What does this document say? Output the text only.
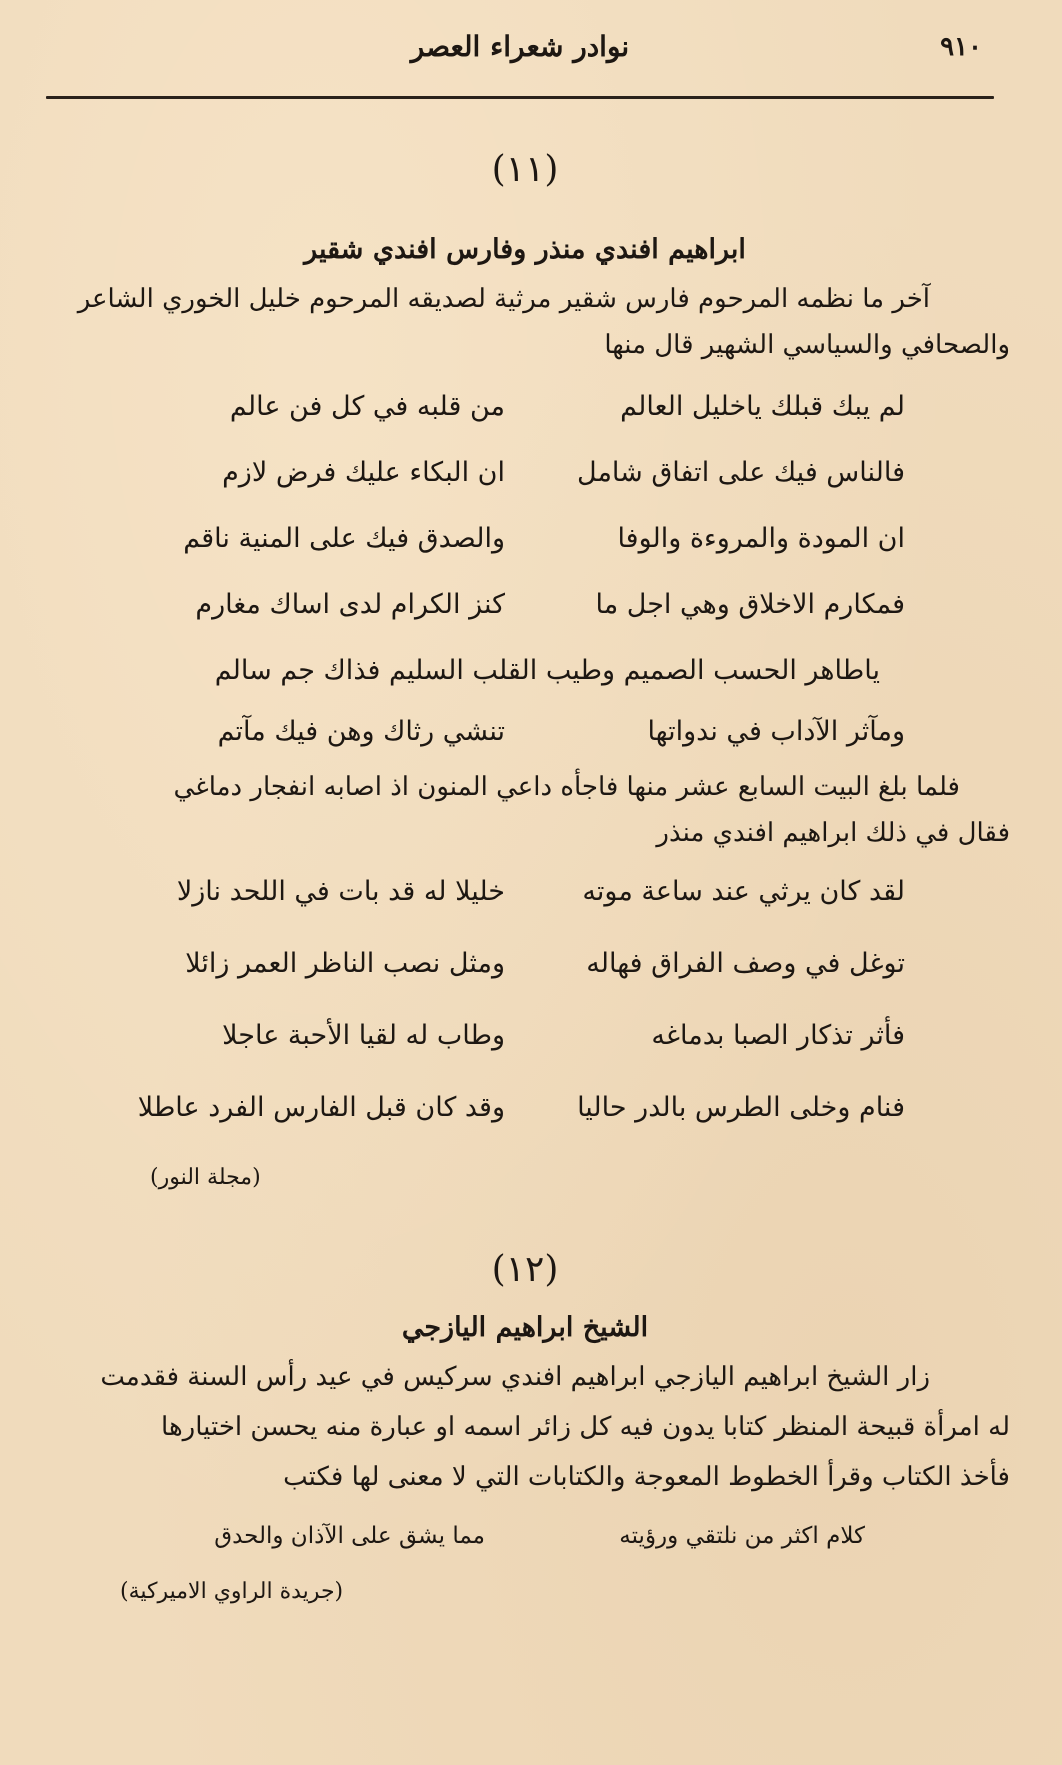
٩١٠
نوادر شعراء العصر
(١١)
ابراهيم افندي منذر وفارس افندي شقير
آخر ما نظمه المرحوم فارس شقير مرثية لصديقه المرحوم خليل الخوري الشاعر
والصحافي والسياسي الشهير قال منها
لم يبك قبلك ياخليل العالم
من قلبه في كل فن عالم
فالناس فيك على اتفاق شامل
ان البكاء عليك فرض لازم
ان المودة والمروءة والوفا
والصدق فيك على المنية ناقم
فمكارم الاخلاق وهي اجل ما
كنز الكرام لدى اساك مغارم
ياطاهر الحسب الصميم وطيب القلب السليم فذاك جم سالم
ومآثر الآداب في ندواتها
تنشي رثاك وهن فيك مآتم
فلما بلغ البيت السابع عشر منها فاجأه داعي المنون اذ اصابه انفجار دماغي
فقال في ذلك ابراهيم افندي منذر
لقد كان يرثي عند ساعة موته
خليلا له قد بات في اللحد نازلا
توغل في وصف الفراق فهاله
ومثل نصب الناظر العمر زائلا
فأثر تذكار الصبا بدماغه
وطاب له لقيا الأحبة عاجلا
فنام وخلى الطرس بالدر حاليا
وقد كان قبل الفارس الفرد عاطلا
(مجلة النور)
(١٢)
الشيخ ابراهيم اليازجي
زار الشيخ ابراهيم اليازجي ابراهيم افندي سركيس في عيد رأس السنة فقدمت
له امرأة قبيحة المنظر كتابا يدون فيه كل زائر اسمه او عبارة منه يحسن اختيارها
فأخذ الكتاب وقرأ الخطوط المعوجة والكتابات التي لا معنى لها فكتب
كلام اكثر من نلتقي ورؤيته
مما يشق على الآذان والحدق
(جريدة الراوي الاميركية)
